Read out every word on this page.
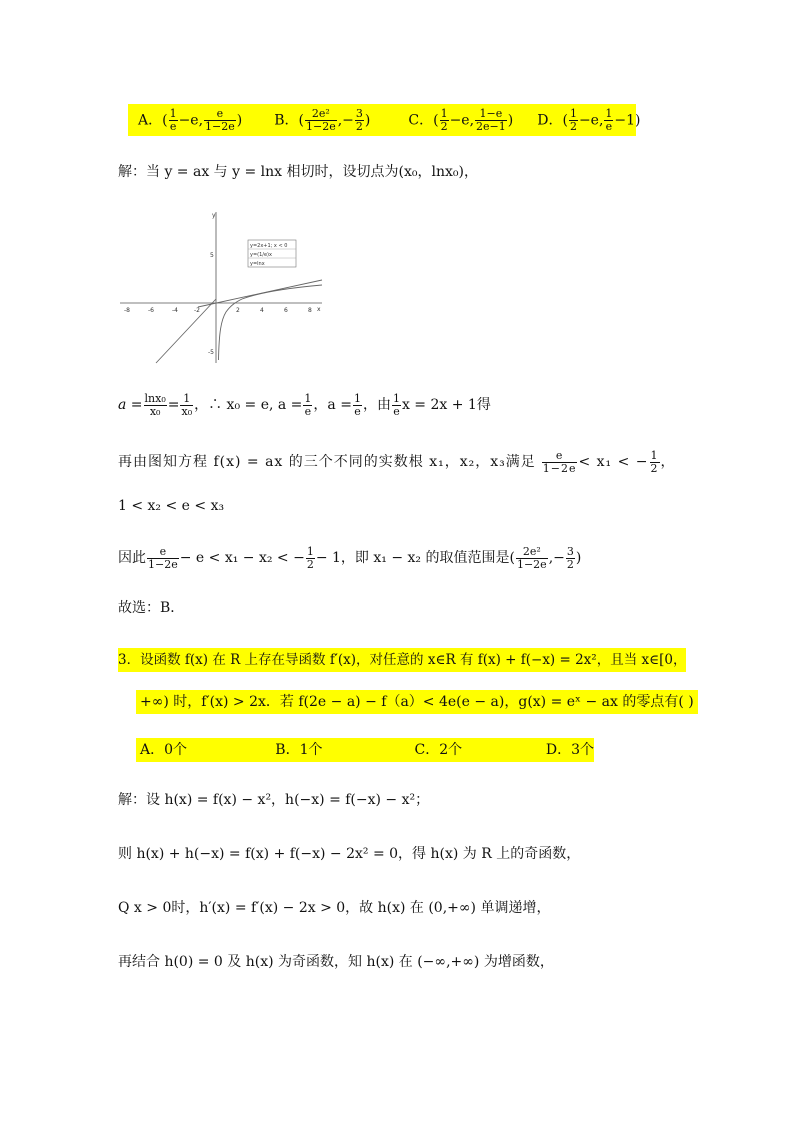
A．( $\frac{1}{e} -e$, $\frac{e}{1-2e}$ ) B．( $\frac{\text{2e²}}{1-2e}$ ,− $\frac{3}{2}$ )	C．( $\frac{1}{2} -e$, $\frac{1-e}{2e-1}$ ) D．( $\frac{1}{2} -e$, $\frac{1}{e} -1$)
解：当 y = ax 与 y = lnx 相切时，设切点为(x₀，lnx₀)，
y
x
5
-5
-8	-6	-4	-2	2	4	6	8
y=2x+1; x < 0
y=(1/e)x
y=lnx
$a = \frac{\text{lnx₀}}{\text{x₀}} = \frac{1}{\text{x₀}}$ ，∴ x₀ = e, $a = \frac{1}{e}$ ，$a = \frac{1}{e}$ ，由 $\frac{1}{e}$ x = 2x + 1得
再由图知方程 f(x) = ax 的三个不同的实数根 x₁，x₂，x₃满足 $\frac{e}{1-2e} < x_1$ < − $\frac{1}{2}$ ，
1 < x₂ < e < x₃
因此 $\frac{e}{1-2e} - e < x_1 - x_2$ < − $\frac{1}{2} - 1$，即 x₁ − x₂ 的取值范围是( $\frac{\text{2e²}}{1-2e}$ ,− $\frac{3}{2}$ )
故选：B．
3．设函数 f(x) 在 R 上存在导函数 f′(x)，对任意的 x∈R 有 f(x) + f(−x) = 2x²，且当 x∈[0，
+∞) 时，f′(x) > 2x．若 f(2e − a) − f（a）< 4e(e − a)，g(x) = eˣ − ax 的零点有( )
A．0个	B．1个	C．2个	D．3个
解：设 h(x) = f(x) − x²，h(−x) = f(−x) − x²；
则 h(x) + h(−x) = f(x) + f(−x) − 2x² = 0，得 h(x) 为 R 上的奇函数，
Q x > 0时，h′(x) = f′(x) − 2x > 0，故 h(x) 在 (0,+∞) 单调递增，
再结合 h(0) = 0 及 h(x) 为奇函数，知 h(x) 在 (−∞,+∞) 为增函数，
